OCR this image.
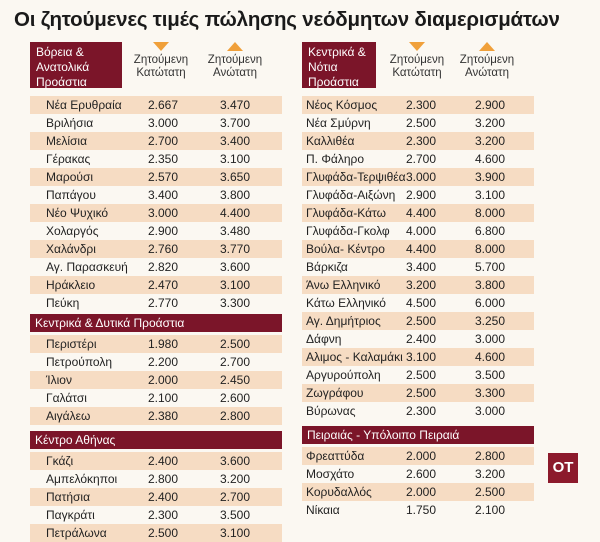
Οι ζητούμενες τιμές πώλησης νεόδμητων διαμερισμάτων
Βόρεια & Ανατολικά Προάστια
Ζητούμενη Κατώτατη
Ζητούμενη Ανώτατη
Νέα Ερυθραία 2.667	3.470
Βριλήσια	3.000	3.700
Μελίσια	2.700	3.400
Γέρακας	2.350	3.100
Μαρούσι	2.570	3.650
Παπάγου	3.400	3.800
Νέο Ψυχικό	3.000	4.400
Χολαργός	2.900	3.480
Χαλάνδρι	2.760	3.770
Αγ. Παρασκευή 2.820	3.600
Ηράκλειο	2.470	3.100
Πεύκη	2.770	3.300
Κεντρικά & Δυτικά Προάστια
Περιστέρι	1.980	2.500
Πετρούπολη	2.200	2.700
Ίλιον	2.000	2.450
Γαλάτσι	2.100	2.600
Αιγάλεω	2.380	2.800
Κέντρο Αθήνας
Γκάζι	2.400	3.600
Αμπελόκηποι	2.800	3.200
Πατήσια	2.400	2.700
Παγκράτι	2.300	3.500
Πετράλωνα	2.500	3.100
Κεντρικά & Νότια Προάστια
Ζητούμενη Κατώτατη
Ζητούμενη Ανώτατη
Νέος Κόσμος 2.300	2.900
Νέα Σμύρνη	2.500	3.200
Καλλιθέα	2.300	3.200
Π. Φάληρο	2.700	4.600
Γλυφάδα-Τερψιθέα 3.000	3.900
Γλυφάδα-Αιξώνη 2.900	3.100
Γλυφάδα-Κάτω 4.400	8.000
Γλυφάδα-Γκολφ 4.000	6.800
Βούλα- Κέντρο 4.400	8.000
Βάρκιζα	3.400	5.700
Άνω Ελληνικό 3.200	3.800
Κάτω Ελληνικό 4.500	6.000
Αγ. Δημήτριος 2.500	3.250
Δάφνη	2.400	3.000
Αλιμος - Καλαμάκι 3.100	4.600
Αργυρούπολη 2.500	3.500
Ζωγράφου	2.500	3.300
Βύρωνας	2.300	3.000
Πειραιάς - Υπόλοιπο Πειραιά
Φρεαττύδα	2.000	2.800
Μοσχάτο	2.600	3.200
Κορυδαλλός	2.000	2.500
Νίκαια	1.750	2.100
OT
